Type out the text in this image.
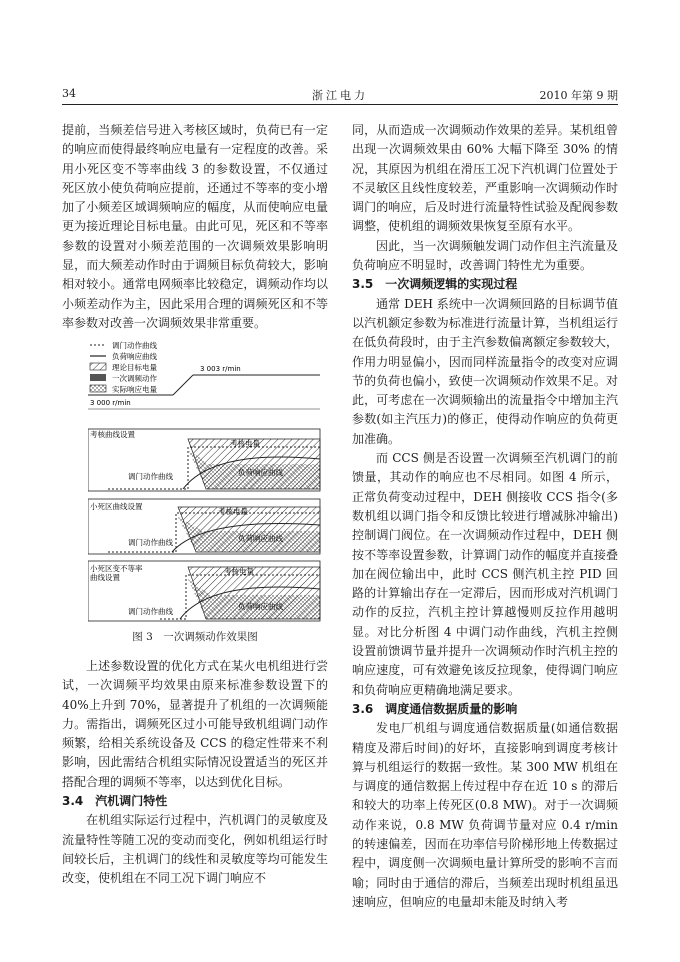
34	浙江电力	2010 年第 9 期

提前，当频差信号进入考核区域时，负荷已有一定的响应而使得最终响应电量有一定程度的改善。采用小死区变不等率曲线 3 的参数设置，不仅通过死区放小使负荷响应提前，还通过不等率的变小增加了小频差区域调频响应的幅度，从而使响应电量更为接近理论目标电量。由此可见，死区和不等率参数的设置对小频差范围的一次调频效果影响明显，而大频差动作时由于调频目标负荷较大，影响相对较小。通常电网频率比较稳定，调频动作均以小频差动作为主，因此采用合理的调频死区和不等率参数对改善一次调频效果非常重要。

调门动作曲线
负荷响应曲线
理论目标电量
一次调频动作
实际响应电量
3 003 r/min
3 000 r/min
考核曲线设置
调门动作曲线
考核电量
负荷响应曲线
小死区曲线设置
调门动作曲线
考核电量
负荷响应曲线
小死区变不等率 曲线设置
调门动作曲线
考核电量
负荷响应曲线
图 3　一次调频动作效果图

上述参数设置的优化方式在某火电机组进行尝试，一次调频平均效果由原来标准参数设置下的 40%上升到 70%，显著提升了机组的一次调频能力。需指出，调频死区过小可能导致机组调门动作频繁，给相关系统设备及 CCS 的稳定性带来不利影响，因此需结合机组实际情况设置适当的死区并搭配合理的调频不等率，以达到优化目标。

3.4　汽机调门特性

在机组实际运行过程中，汽机调门的灵敏度及流量特性等随工况的变动而变化，例如机组运行时间较长后，主机调门的线性和灵敏度等均可能发生改变，使机组在不同工况下调门响应不

同，从而造成一次调频动作效果的差异。某机组曾出现一次调频效果由 60% 大幅下降至 30% 的情况，其原因为机组在滑压工况下汽机调门位置处于不灵敏区且线性度较差，严重影响一次调频动作时调门的响应，后及时进行流量特性试验及配阀参数调整，使机组的调频效果恢复至原有水平。

因此，当一次调频触发调门动作但主汽流量及负荷响应不明显时，改善调门特性尤为重要。

3.5　一次调频逻辑的实现过程

通常 DEH 系统中一次调频回路的目标调节值以汽机额定参数为标准进行流量计算，当机组运行在低负荷段时，由于主汽参数偏离额定参数较大，作用力明显偏小，因而同样流量指令的改变对应调节的负荷也偏小，致使一次调频动作效果不足。对此，可考虑在一次调频输出的流量指令中增加主汽参数(如主汽压力)的修正，使得动作响应的负荷更加准确。

而 CCS 侧是否设置一次调频至汽机调门的前馈量，其动作的响应也不尽相同。如图 4 所示，正常负荷变动过程中，DEH 侧接收 CCS 指令(多数机组以调门指令和反馈比较进行增减脉冲输出)控制调门阀位。在一次调频动作过程中，DEH 侧按不等率设置参数，计算调门动作的幅度并直接叠加在阀位输出中，此时 CCS 侧汽机主控 PID 回路的计算输出存在一定滞后，因而形成对汽机调门动作的反拉，汽机主控计算越慢则反拉作用越明显。对比分析图 4 中调门动作曲线，汽机主控侧设置前馈调节量并提升一次调频动作时汽机主控的响应速度，可有效避免该反拉现象，使得调门响应和负荷响应更精确地满足要求。

3.6　调度通信数据质量的影响

发电厂机组与调度通信数据质量(如通信数据精度及滞后时间)的好坏，直接影响到调度考核计算与机组运行的数据一致性。某 300 MW 机组在与调度的通信数据上传过程中存在近 10 s 的滞后和较大的功率上传死区(0.8 MW)。对于一次调频动作来说，0.8 MW 负荷调节量对应 0.4 r/min 的转速偏差，因而在功率信号阶梯形地上传数据过程中，调度侧一次调频电量计算所受的影响不言而喻；同时由于通信的滞后，当频差出现时机组虽迅速响应，但响应的电量却未能及时纳入考
